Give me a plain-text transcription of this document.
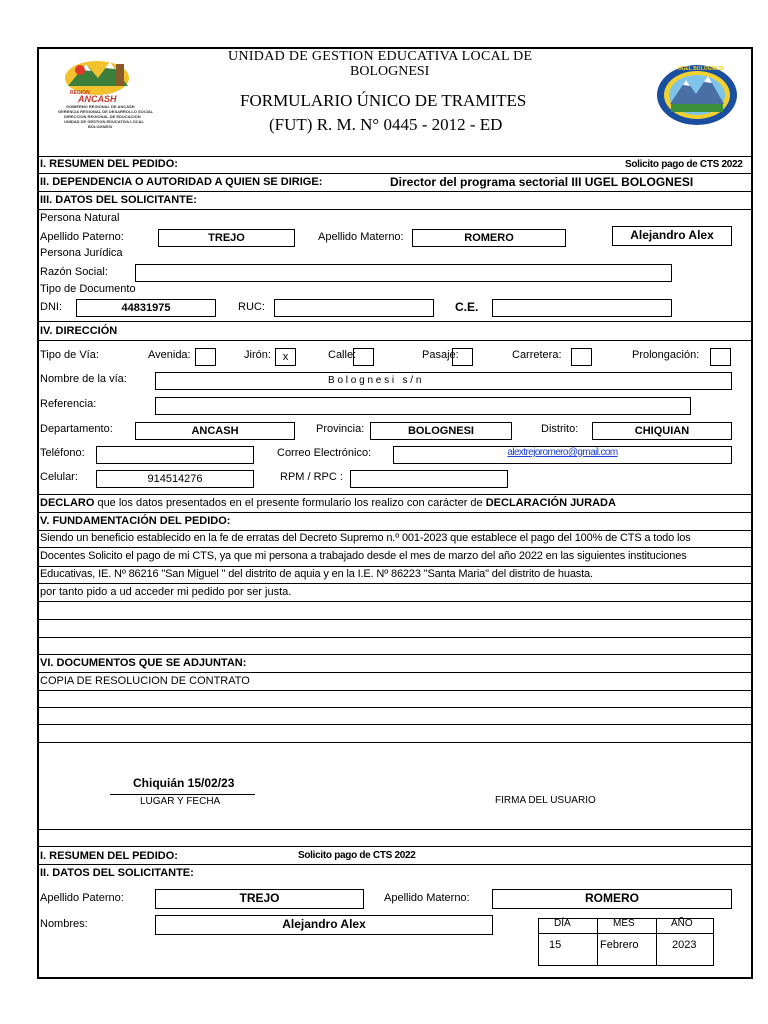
UNIDAD DE GESTION EDUCATIVA LOCAL DE
BOLOGNESI
FORMULARIO ÚNICO DE TRAMITES
(FUT) R. M. N° 0445 - 2012 - ED
REGION
ANCASH
GOBIERNO REGIONAL DE ANCASH
GERENCIA REGIONAL DE DESARROLLO SOCIAL
DIRECCION REGIONAL DE EDUCACION
UNIDAD DE GESTION EDUCATIVA LOCAL
BOLOGNESI
UGEL BOLOGNESI
I. RESUMEN DEL PEDIDO:	Solicito pago de CTS 2022
II. DEPENDENCIA O AUTORIDAD A QUIEN SE DIRIGE:	Director del programa sectorial III UGEL BOLOGNESI
III. DATOS DEL SOLICITANTE:
Persona Natural
Apellido Paterno:	TREJO	Apellido Materno:	ROMERO	Alejandro Alex
Persona Jurídica
Razón Social:
Tipo de Documento
DNI:	44831975	RUC:	C.E.
IV. DIRECCIÓN
Tipo de Vía:	Avenida:	Jirón:	x	Calle:	Pasaje:	Carretera:	Prolongación:
Nombre de la vía:	B o l o g n e s i   s / n
Referencia:
Departamento:	ANCASH	Provincia:	BOLOGNESI	Distrito:	CHIQUIAN
Teléfono:	Correo Electrónico:	alextrejoromero@gmail.com
Celular:	914514276	RPM / RPC :
DECLARO que los datos presentados en el presente formulario los realizo con carácter de DECLARACIÓN JURADA
V. FUNDAMENTACIÓN DEL PEDIDO:
Siendo un beneficio establecido en la fe de erratas del Decreto Supremo n.º 001-2023 que establece el pago del 100% de CTS a todo los
Docentes Solicito el pago de mi CTS, ya que mi persona a trabajado desde el mes de marzo del año 2022 en las siguientes instituciones
Educativas, IE. Nº 86216 "San Miguel " del distrito de aquia y en la I.E. Nº 86223 "Santa Maria" del distrito de huasta.
por tanto pido a ud acceder mi pedido por ser justa.
VI. DOCUMENTOS QUE SE ADJUNTAN:
COPIA DE RESOLUCION DE CONTRATO
Chiquián 15/02/23
LUGAR Y FECHA	FIRMA DEL USUARIO
I. RESUMEN DEL PEDIDO:	Solicito pago de CTS 2022
II. DATOS DEL SOLICITANTE:
Apellido Paterno:	TREJO	Apellido Materno:	ROMERO
Nombres:	Alejandro Alex	DÍA	MES	AÑO
15	Febrero	2023
